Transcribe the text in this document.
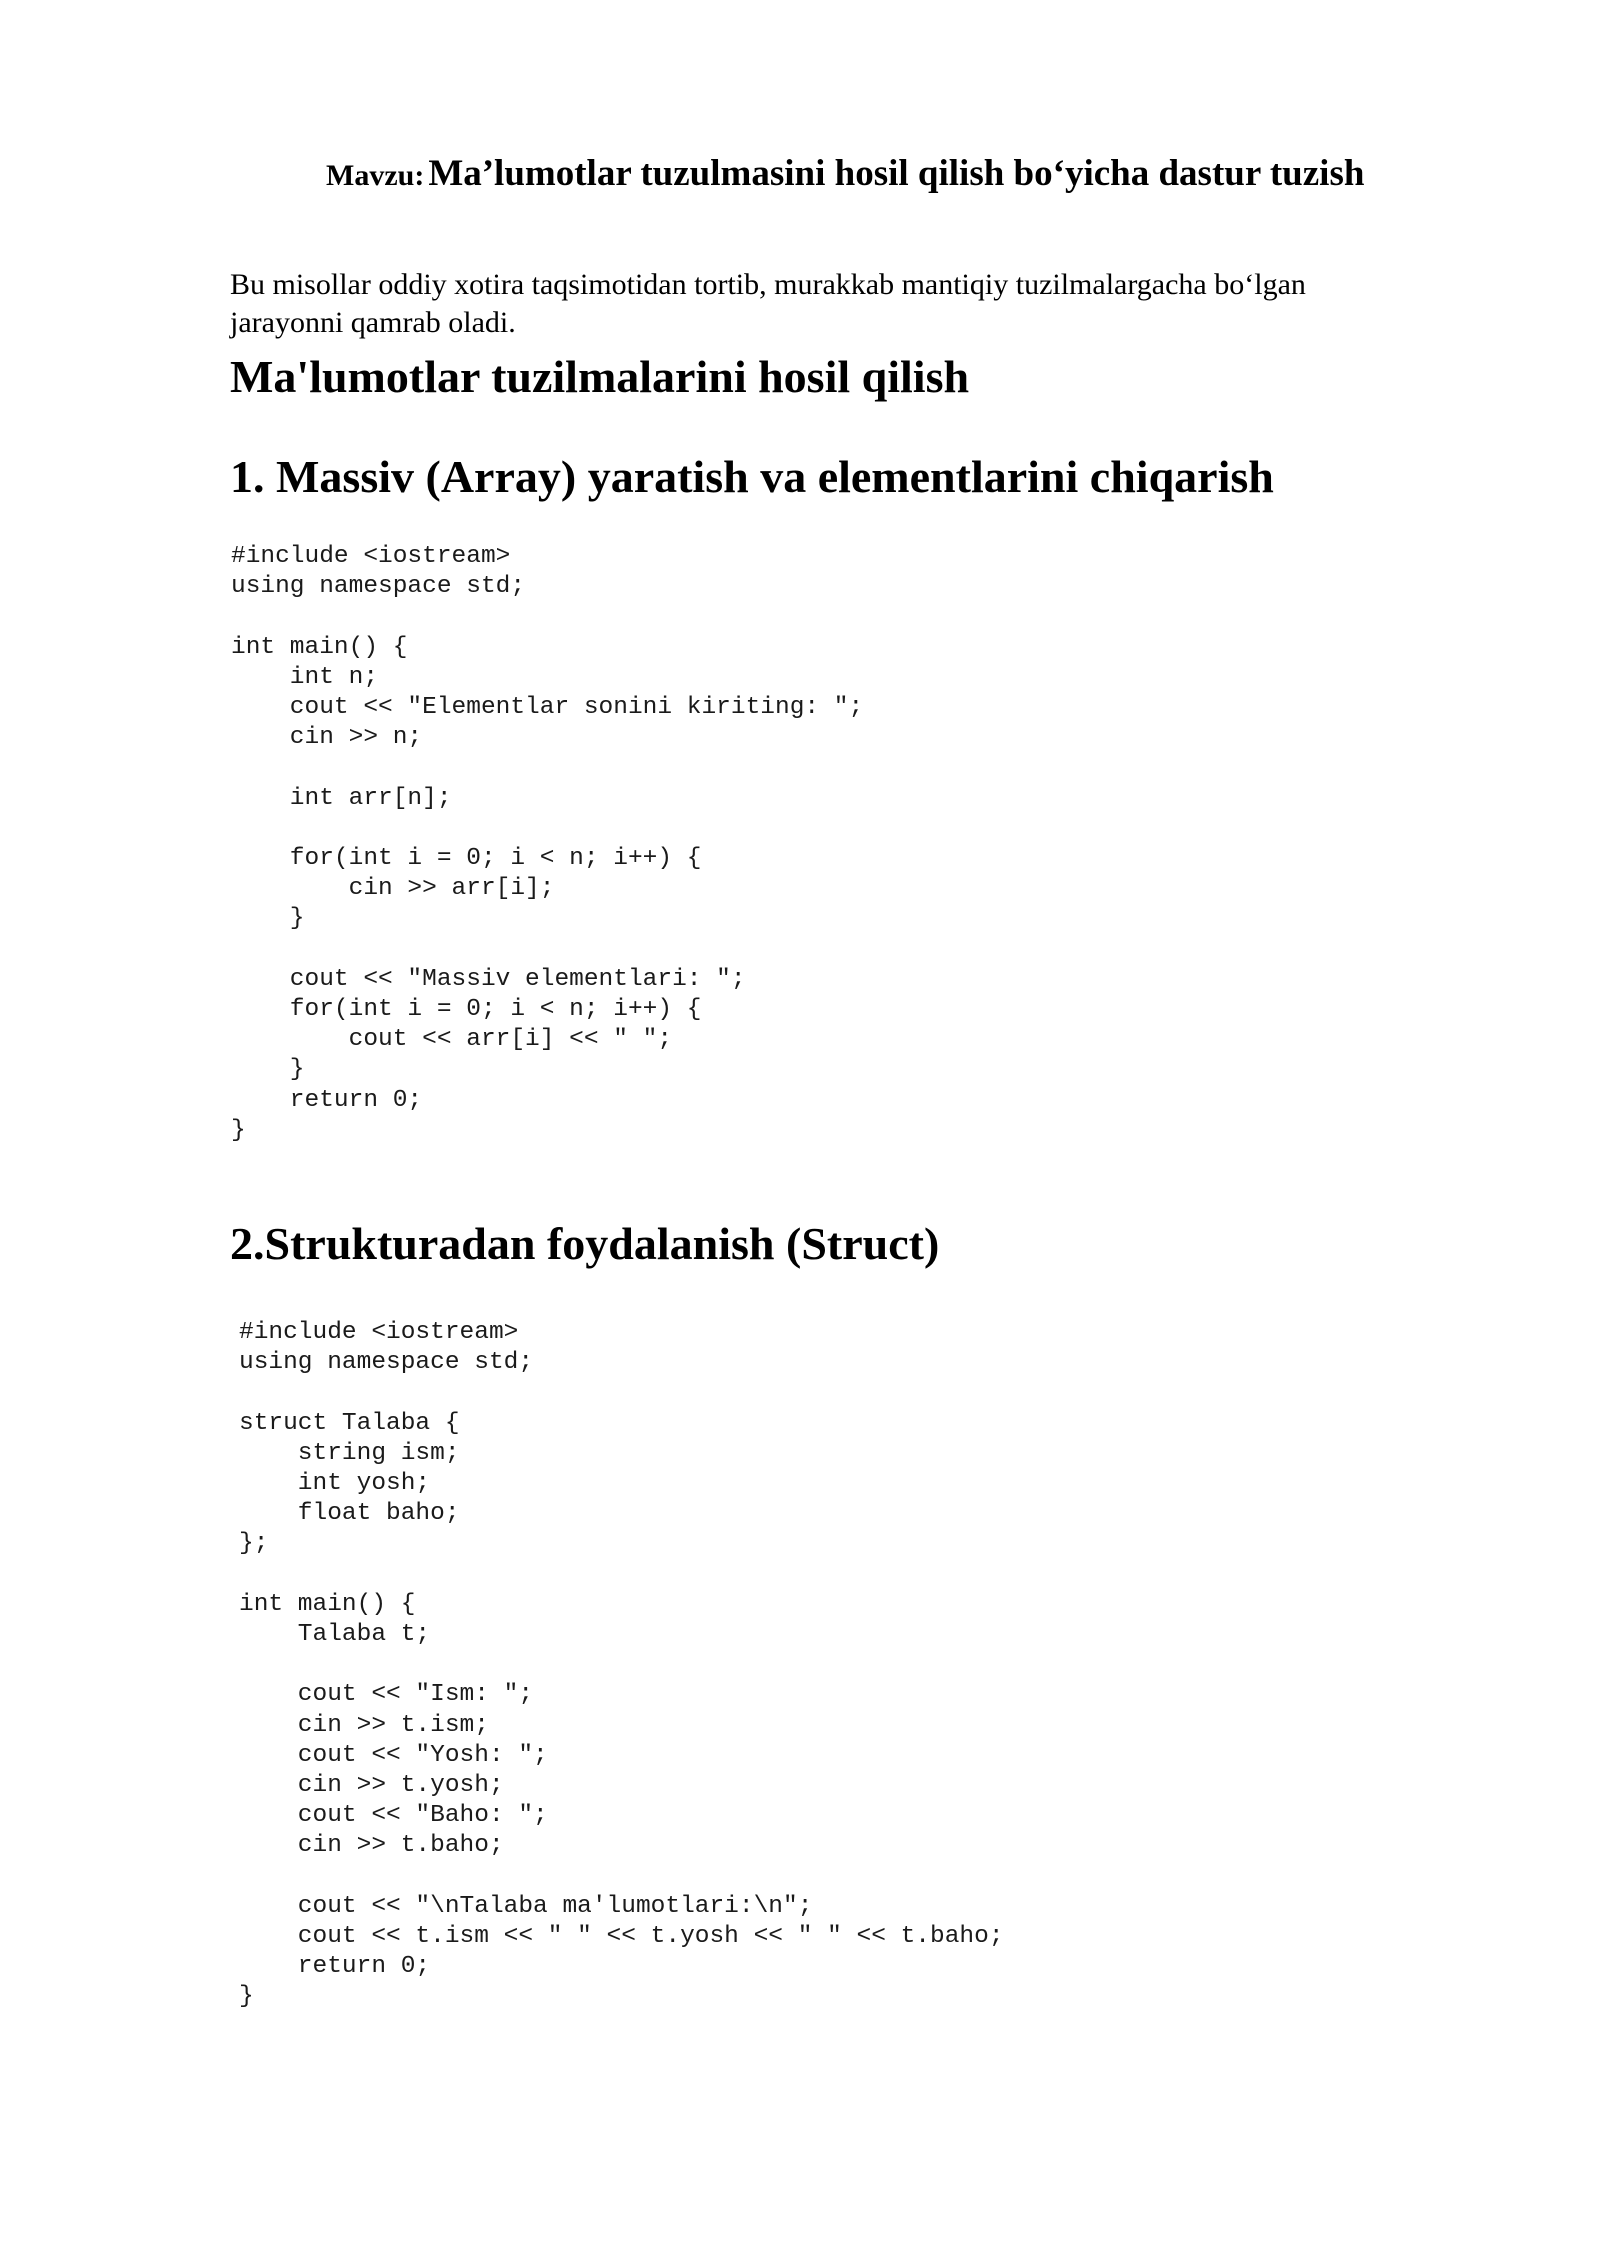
Mavzu: Ma’lumotlar tuzulmasini hosil qilish bo‘yicha dastur tuzish

Bu misollar oddiy xotira taqsimotidan tortib, murakkab mantiqiy tuzilmalargacha bo‘lgan jarayonni qamrab oladi.

Ma'lumotlar tuzilmalarini hosil qilish
1. Massiv (Array) yaratish va elementlarini chiqarish
#include <iostream>
using namespace std;

int main() {
int n;
cout << "Elementlar sonini kiriting: ";
cin >> n;

int arr[n];

for(int i = 0; i < n; i++) {
cin >> arr[i];
}

cout << "Massiv elementlari: ";
for(int i = 0; i < n; i++) {
cout << arr[i] << " ";
}
return 0;
}
2.Strukturadan foydalanish (Struct)
#include <iostream>
using namespace std;

struct Talaba {
string ism;
int yosh;
float baho;
};

int main() {
Talaba t;

cout << "Ism: ";
cin >> t.ism;
cout << "Yosh: ";
cin >> t.yosh;
cout << "Baho: ";
cin >> t.baho;

cout << "\nTalaba ma'lumotlari:\n";
cout << t.ism << " " << t.yosh << " " << t.baho;
return 0;
}
